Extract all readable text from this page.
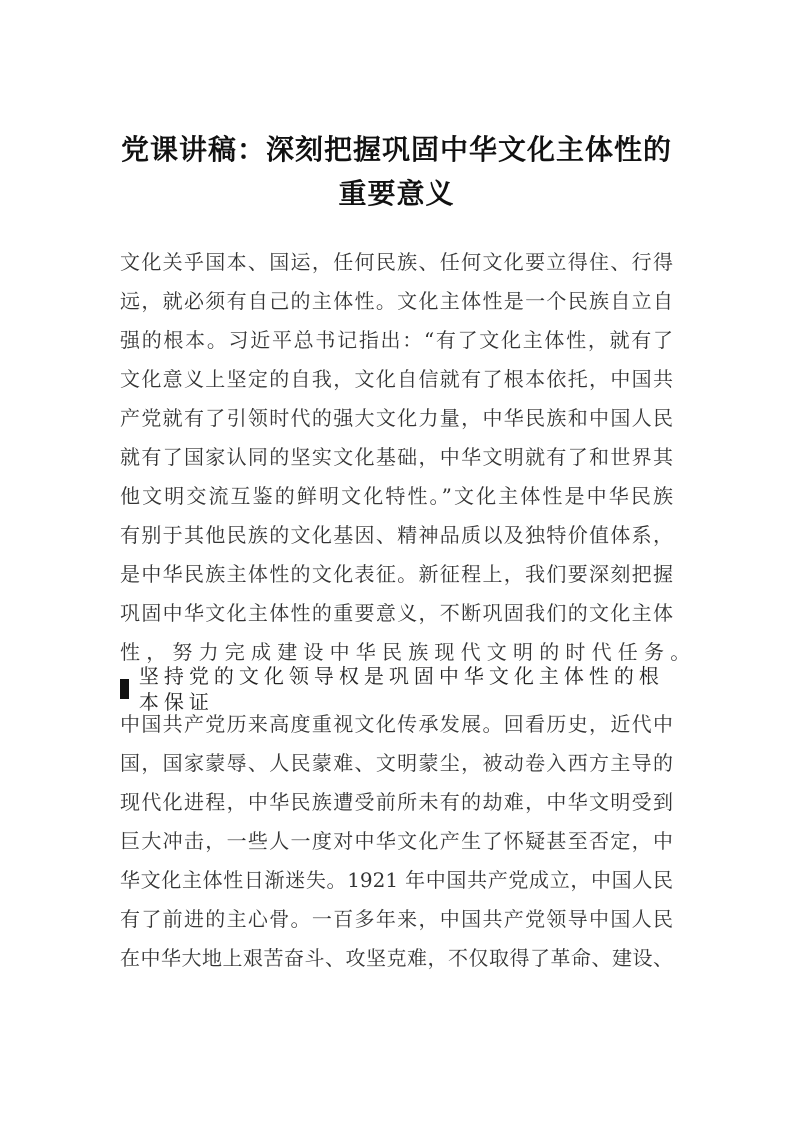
党课讲稿：深刻把握巩固中华文化主体性的
重要意义
文化关乎国本、国运，任何民族、任何文化要立得住、行得
远，就必须有自己的主体性。文化主体性是一个民族自立自
强的根本。习近平总书记指出：“有了文化主体性，就有了
文化意义上坚定的自我，文化自信就有了根本依托，中国共
产党就有了引领时代的强大文化力量，中华民族和中国人民
就有了国家认同的坚实文化基础，中华文明就有了和世界其
他文明交流互鉴的鲜明文化特性。”文化主体性是中华民族
有别于其他民族的文化基因、精神品质以及独特价值体系，
是中华民族主体性的文化表征。新征程上，我们要深刻把握
巩固中华文化主体性的重要意义，不断巩固我们的文化主体
性，努力完成建设中华民族现代文明的时代任务。
坚持党的文化领导权是巩固中华文化主体性的根本保证
中国共产党历来高度重视文化传承发展。回看历史，近代中
国，国家蒙辱、人民蒙难、文明蒙尘，被动卷入西方主导的
现代化进程，中华民族遭受前所未有的劫难，中华文明受到
巨大冲击，一些人一度对中华文化产生了怀疑甚至否定，中
华文化主体性日渐迷失。1921 年中国共产党成立，中国人民
有了前进的主心骨。一百多年来，中国共产党领导中国人民
在中华大地上艰苦奋斗、攻坚克难，不仅取得了革命、建设、
